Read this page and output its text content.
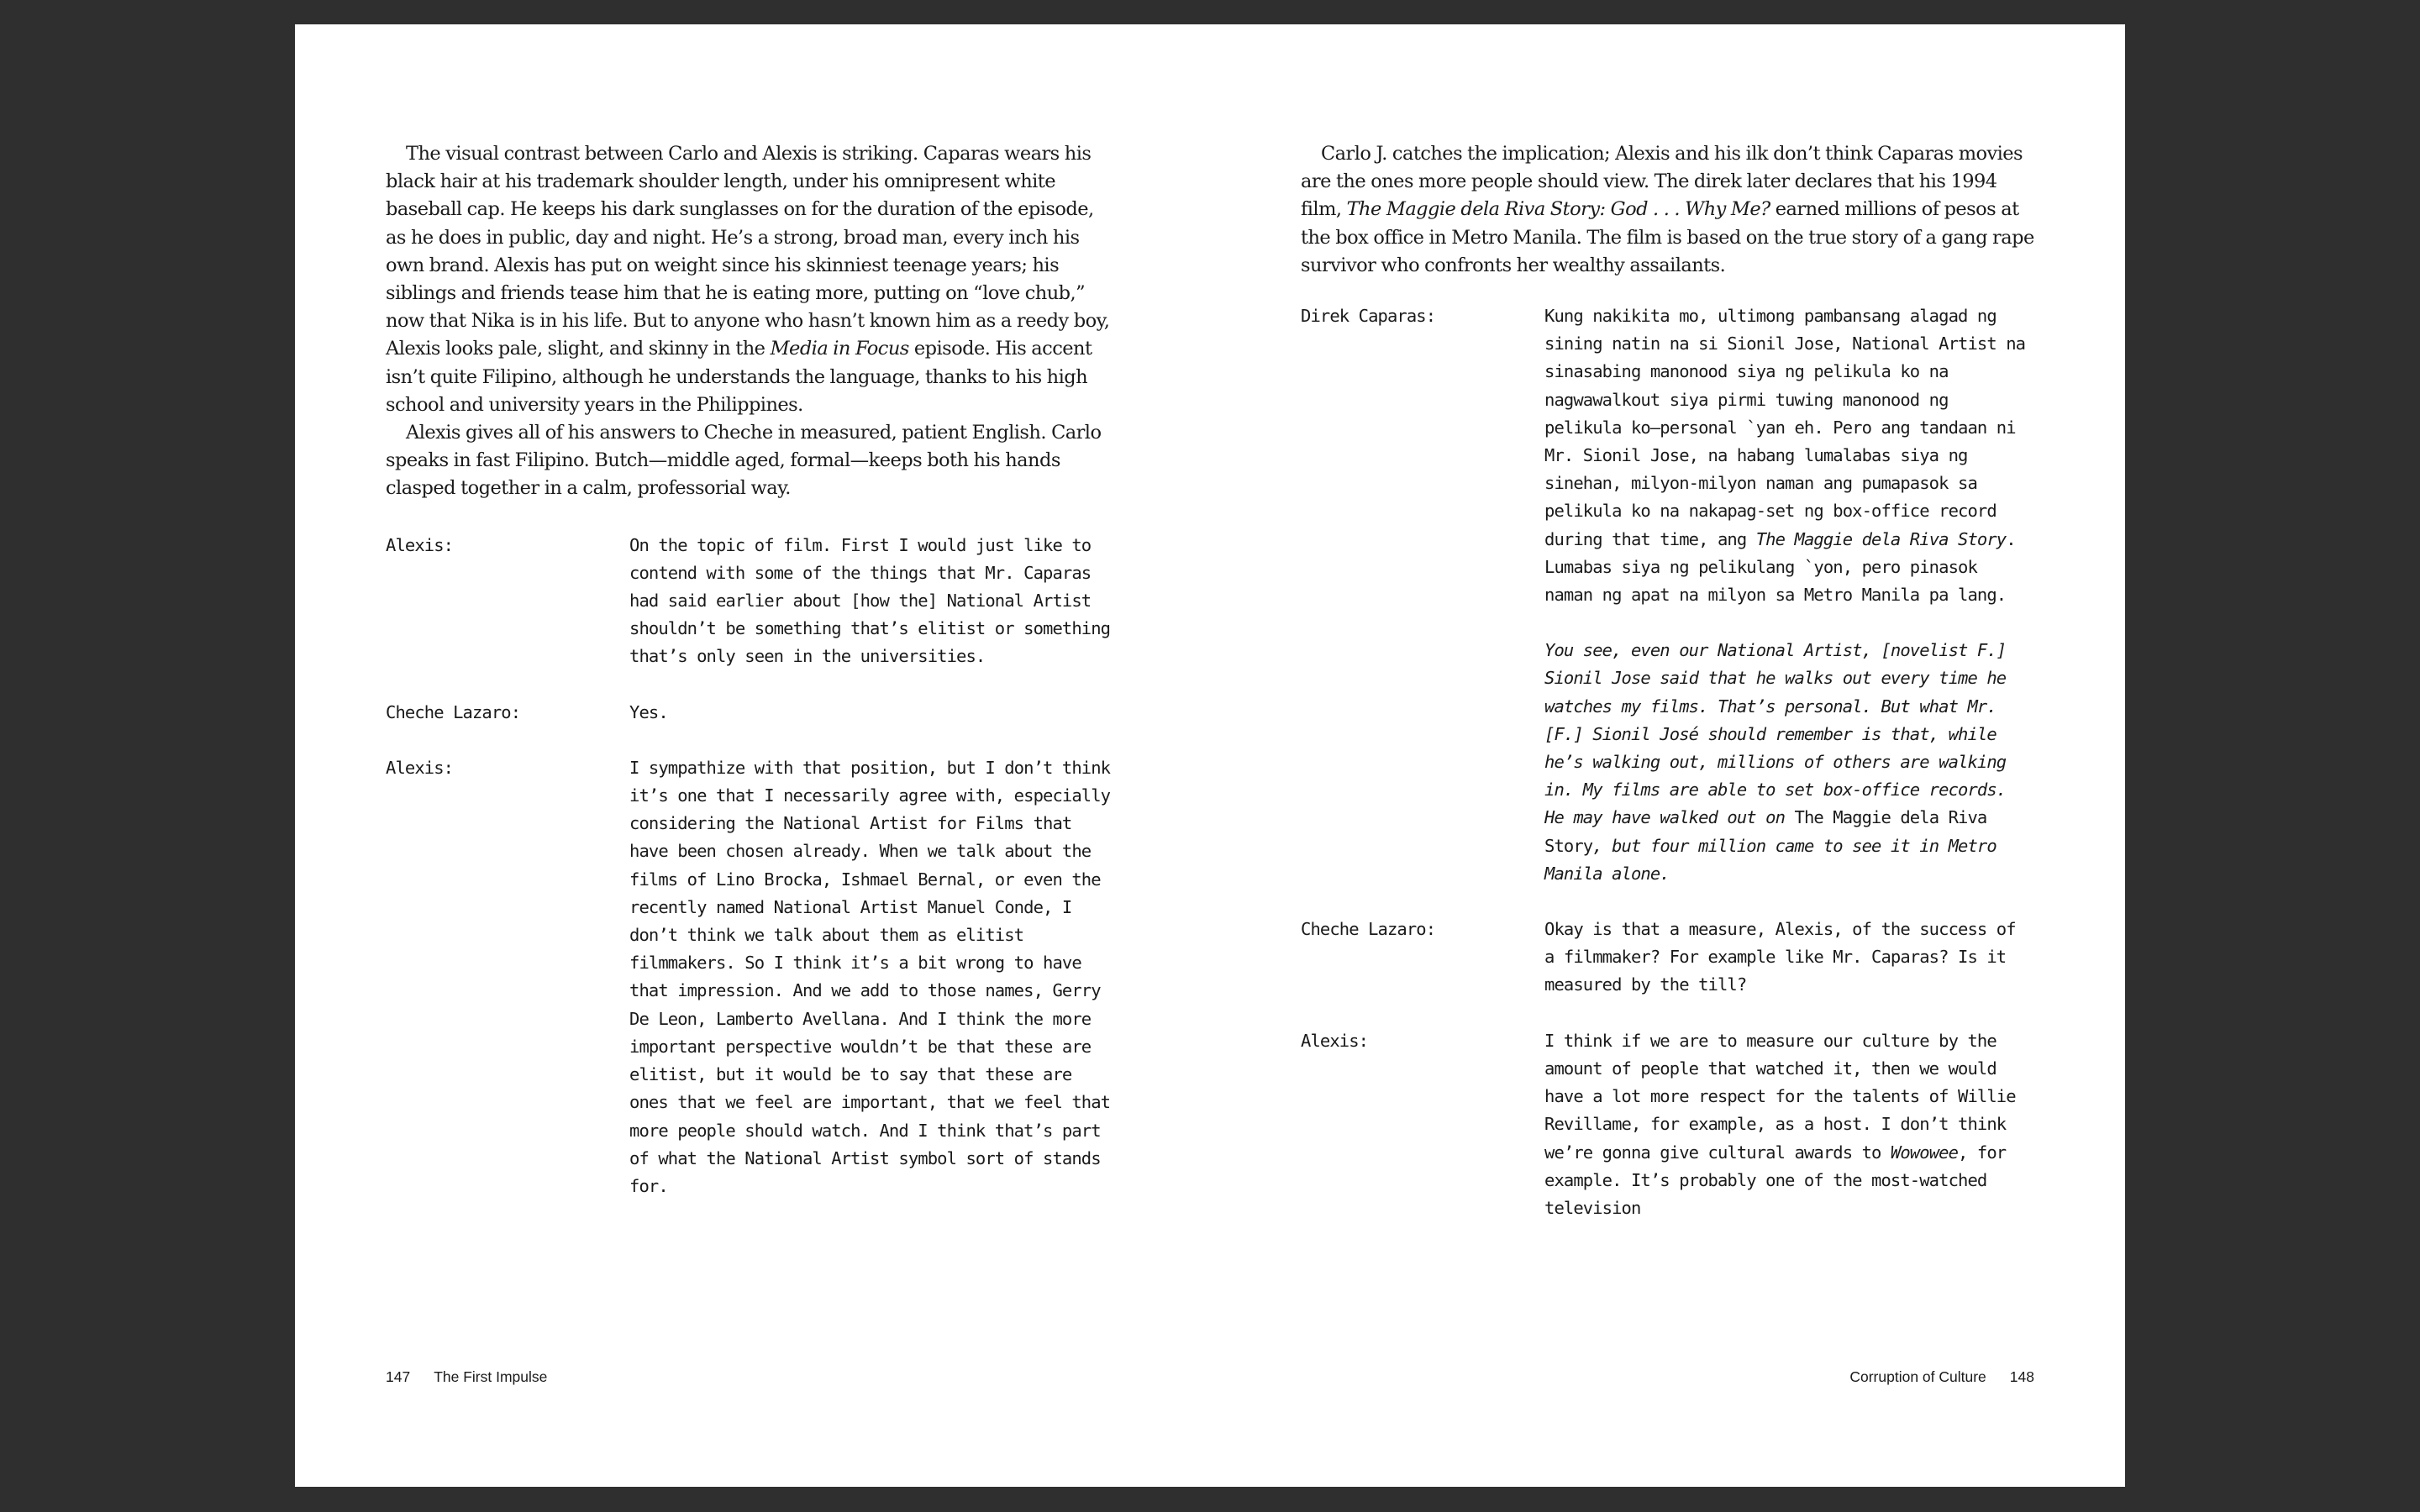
The visual contrast between Carlo and Alexis is striking. Caparas wears his black hair at his trademark shoulder length, under his omnipresent white baseball cap. He keeps his dark sunglasses on for the duration of the episode, as he does in public, day and night. He’s a strong, broad man, every inch his own brand. Alexis has put on weight since his skinniest teenage years; his siblings and friends tease him that he is eating more, putting on “love chub,” now that Nika is in his life. But to anyone who hasn’t known him as a reedy boy, Alexis looks pale, slight, and skinny in the Media in Focus episode. His accent isn’t quite Filipino, although he understands the language, thanks to his high school and university years in the Philippines.

Alexis gives all of his answers to Cheche in measured, patient English. Carlo speaks in fast Filipino. Butch—middle aged, formal—keeps both his hands clasped together in a calm, professorial way.

Alexis:	On the topic of film. First I would just like to contend with some of the things that Mr. Caparas had said earlier about [how the] National Artist shouldn’t be something that’s elitist or something that’s only seen in the universities.

Cheche Lazaro:	Yes.

Alexis:	I sympathize with that position, but I don’t think it’s one that I necessarily agree with, especially considering the National Artist for Films that have been chosen already. When we talk about the films of Lino Brocka, Ishmael Bernal, or even the recently named National Artist Manuel Conde, I don’t think we talk about them as elitist filmmakers. So I think it’s a bit wrong to have that impression. And we add to those names, Gerry De Leon, Lamberto Avellana. And I think the more important perspective wouldn’t be that these are elitist, but it would be to say that these are ones that we feel are important, that we feel that more people should watch. And I think that’s part of what the National Artist symbol sort of stands for.

147 The First Impulse

Carlo J. catches the implication; Alexis and his ilk don’t think Caparas movies are the ones more people should view. The direk later declares that his 1994 film, The Maggie dela Riva Story: God . . . Why Me? earned millions of pesos at the box office in Metro Manila. The film is based on the true story of a gang rape survivor who confronts her wealthy assailants.

Direk Caparas:	Kung nakikita mo, ultimong pambansang alagad ng sining natin na si Sionil Jose, National Artist na sinasabing manonood siya ng pelikula ko na nagwawalkout siya pirmi tuwing manonood ng pelikula ko—personal `yan eh. Pero ang tandaan ni Mr. Sionil Jose, na habang lumalabas siya ng sinehan, milyon-milyon naman ang pumapasok sa pelikula ko na nakapag-set ng box-office record during that time, ang The Maggie dela Riva Story. Lumabas siya ng pelikulang `yon, pero pinasok naman ng apat na milyon sa Metro Manila pa lang.

You see, even our National Artist, [novelist F.] Sionil Jose said that he walks out every time he watches my films. That’s personal. But what Mr. [F.] Sionil José should remember is that, while he’s walking out, millions of others are walking in. My films are able to set box-office records. He may have walked out on The Maggie dela Riva Story, but four million came to see it in Metro Manila alone.

Cheche Lazaro:	Okay is that a measure, Alexis, of the success of a filmmaker? For example like Mr. Caparas? Is it measured by the till?

Alexis:	I think if we are to measure our culture by the amount of people that watched it, then we would have a lot more respect for the talents of Willie Revillame, for example, as a host. I don’t think we’re gonna give cultural awards to Wowowee, for example. It’s probably one of the most-watched television

Corruption of Culture 148
